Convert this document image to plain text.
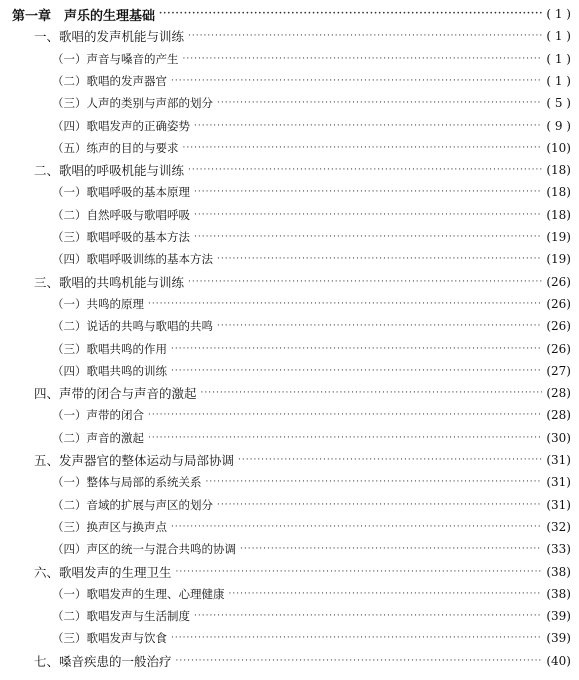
第一章　声乐的生理基础 ·····	( 1 )
一、歌唱的发声机能与训练 ·····	( 1 )
（一）声音与嗓音的产生 ·····	( 1 )
（二）歌唱的发声器官 ·····	( 1 )
（三）人声的类别与声部的划分 ·····	( 5 )
（四）歌唱发声的正确姿势 ·····	( 9 )
（五）练声的目的与要求 ·····	(10)
二、歌唱的呼吸机能与训练 ·····	(18)
（一）歌唱呼吸的基本原理 ·····	(18)
（二）自然呼吸与歌唱呼吸 ·····	(18)
（三）歌唱呼吸的基本方法 ·····	(19)
（四）歌唱呼吸训练的基本方法 ·····	(19)
三、歌唱的共鸣机能与训练 ·····	(26)
（一）共鸣的原理 ·····	(26)
（二）说话的共鸣与歌唱的共鸣 ·····	(26)
（三）歌唱共鸣的作用 ·····	(26)
（四）歌唱共鸣的训练 ·····	(27)
四、声带的闭合与声音的激起 ·····	(28)
（一）声带的闭合 ·····	(28)
（二）声音的激起 ·····	(30)
五、发声器官的整体运动与局部协调 ·····	(31)
（一）整体与局部的系统关系 ·····	(31)
（二）音域的扩展与声区的划分 ·····	(31)
（三）换声区与换声点 ·····	(32)
（四）声区的统一与混合共鸣的协调 ·····	(33)
六、歌唱发声的生理卫生 ·····	(38)
（一）歌唱发声的生理、心理健康 ·····	(38)
（二）歌唱发声与生活制度 ·····	(39)
（三）歌唱发声与饮食 ·····	(39)
七、嗓音疾患的一般治疗 ·····	(40)
